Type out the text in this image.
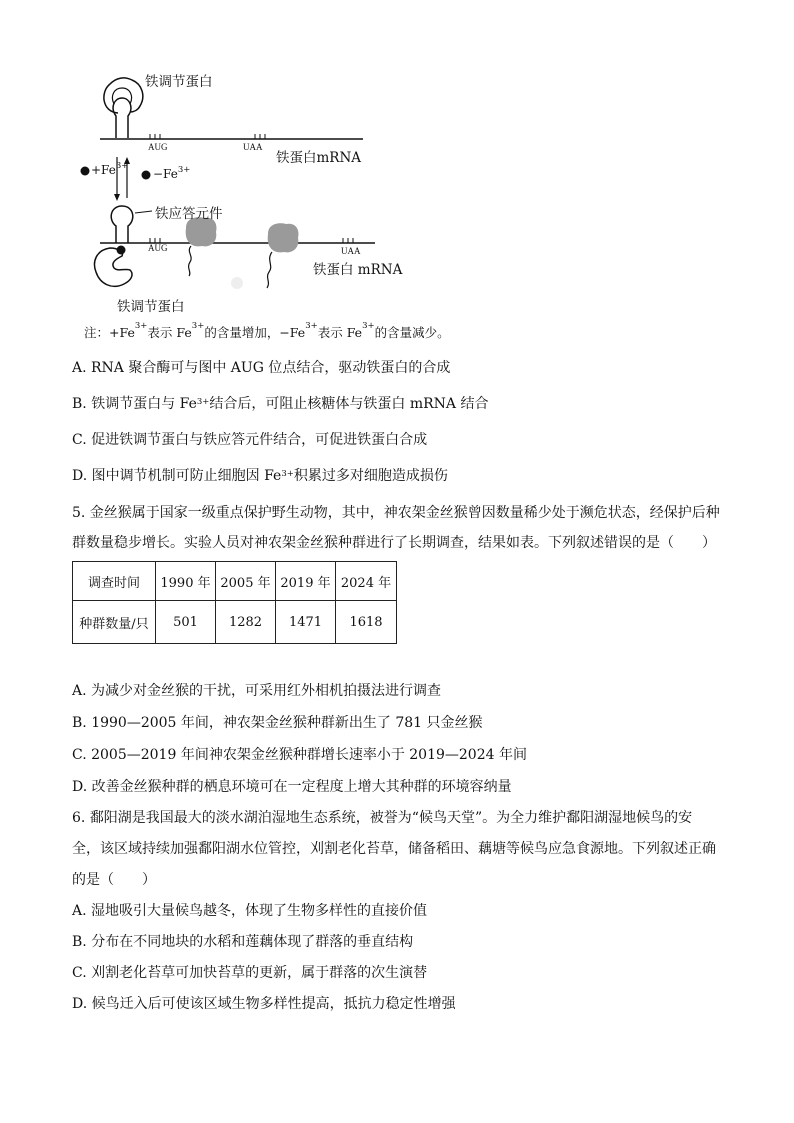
铁调节蛋白
AUG	UAA
铁蛋白mRNA
$+Fe^{3+}$
$-Fe^{3+}$
铁应答元件
AUG	UAA
铁蛋白 mRNA
铁调节蛋白
注：$+Fe^{3+}$表示 $Fe^{3+}$的含量增加，$-Fe^{3+}$表示 $Fe^{3+}$的含量减少。
A. RNA 聚合酶可与图中 AUG 位点结合，驱动铁蛋白的合成
B. 铁调节蛋白与 $Fe^{3+}$结合后，可阻止核糖体与铁蛋白 mRNA 结合
C. 促进铁调节蛋白与铁应答元件结合，可促进铁蛋白合成
D. 图中调节机制可防止细胞因 $Fe^{3+}$积累过多对细胞造成损伤
5. 金丝猴属于国家一级重点保护野生动物，其中，神农架金丝猴曾因数量稀少处于濒危状态，经保护后种
群数量稳步增长。实验人员对神农架金丝猴种群进行了长期调查，结果如表。下列叙述错误的是（　　）
调查时间	1990 年	2005 年	2019 年	2024 年
种群数量/只	501	1282	1471	1618
A. 为减少对金丝猴的干扰，可采用红外相机拍摄法进行调查
B. 1990—2005 年间，神农架金丝猴种群新出生了 781 只金丝猴
C. 2005—2019 年间神农架金丝猴种群增长速率小于 2019—2024 年间
D. 改善金丝猴种群的栖息环境可在一定程度上增大其种群的环境容纳量
6. 鄱阳湖是我国最大的淡水湖泊湿地生态系统，被誉为“候鸟天堂”。为全力维护鄱阳湖湿地候鸟的安
全，该区域持续加强鄱阳湖水位管控，刈割老化苔草，储备稻田、藕塘等候鸟应急食源地。下列叙述正确
的是（　　）
A. 湿地吸引大量候鸟越冬，体现了生物多样性的直接价值
B. 分布在不同地块的水稻和莲藕体现了群落的垂直结构
C. 刈割老化苔草可加快苔草的更新，属于群落的次生演替
D. 候鸟迁入后可使该区域生物多样性提高，抵抗力稳定性增强
